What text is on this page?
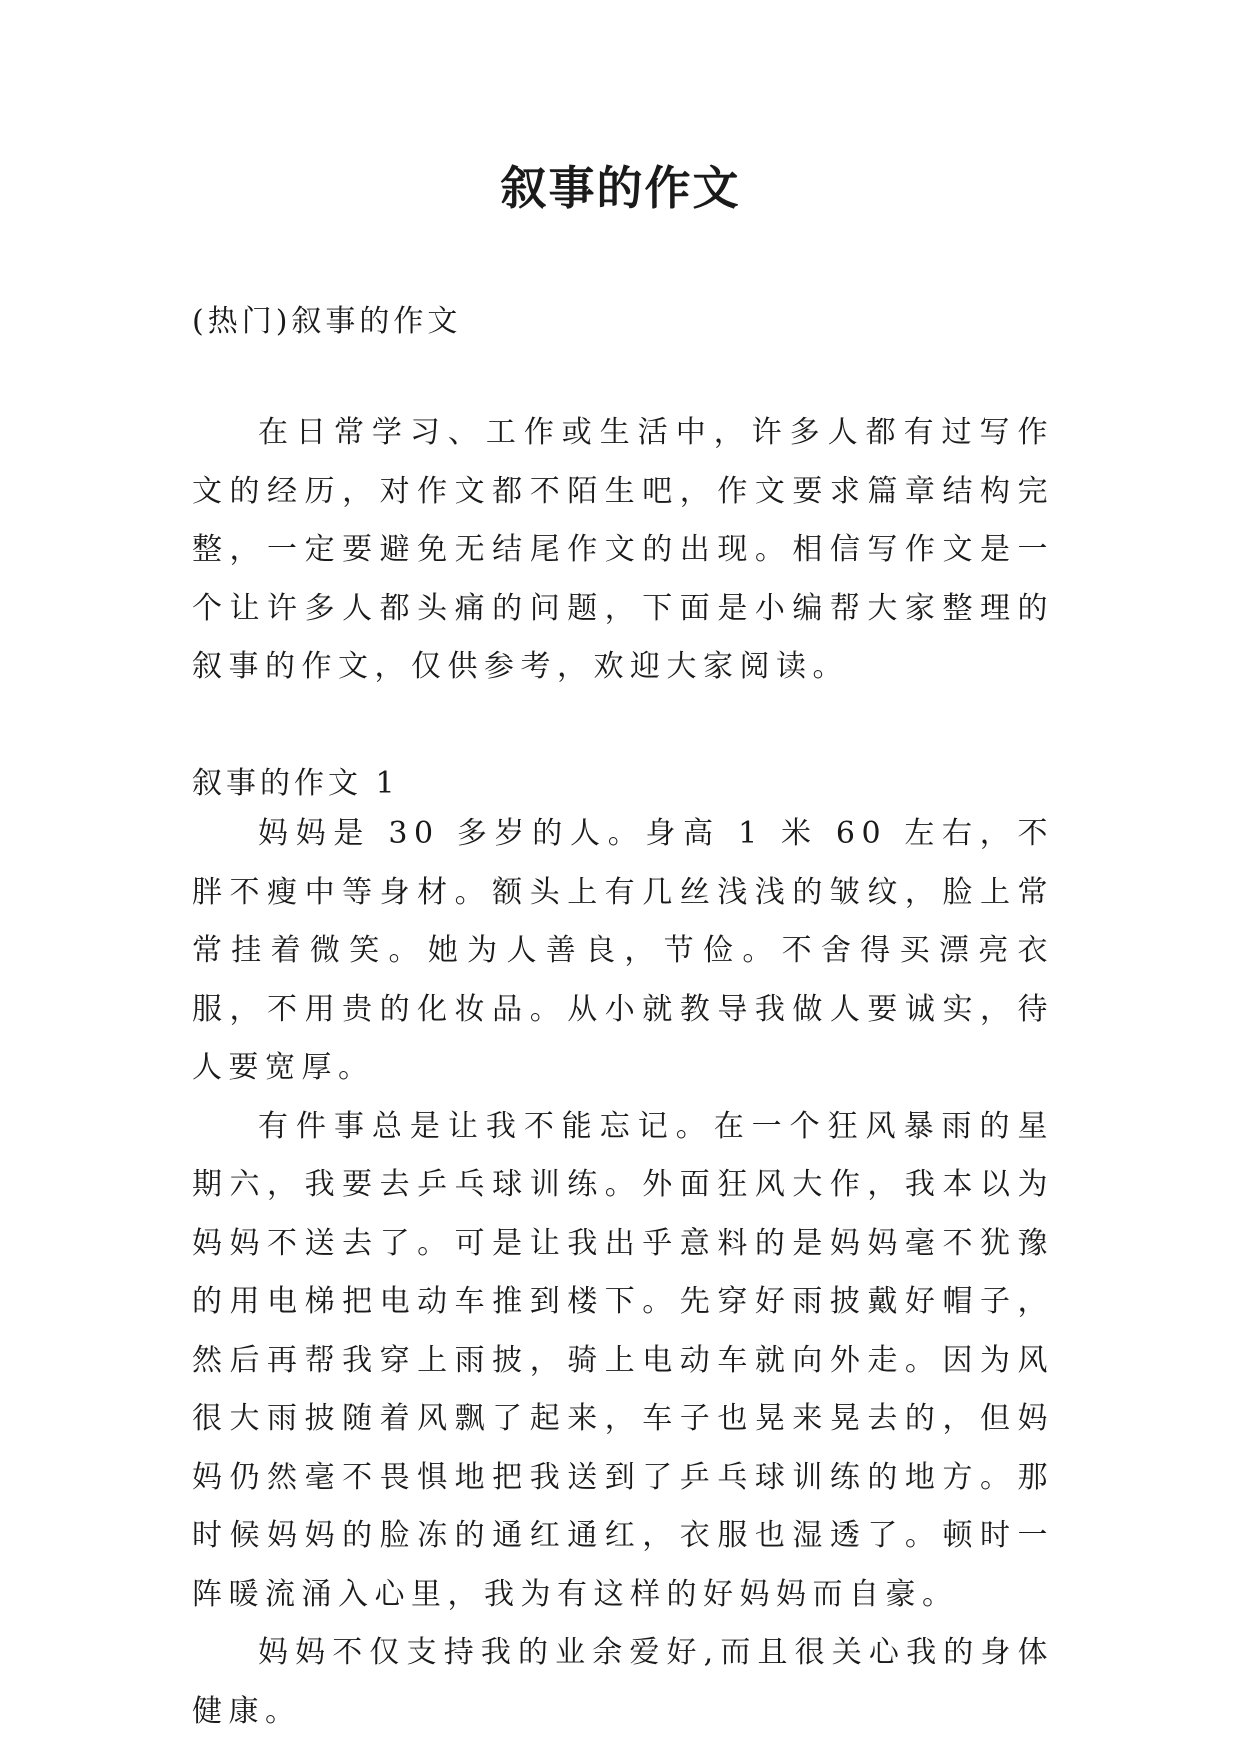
叙事的作文

(热门)叙事的作文

在日常学习、工作或生活中，许多人都有过写作文的经历，对作文都不陌生吧，作文要求篇章结构完整，一定要避免无结尾作文的出现。相信写作文是一个让许多人都头痛的问题，下面是小编帮大家整理的叙事的作文，仅供参考，欢迎大家阅读。

叙事的作文 1

妈妈是 30 多岁的人。身高 1 米 60 左右，不胖不瘦中等身材。额头上有几丝浅浅的皱纹，脸上常常挂着微笑。她为人善良，节俭。不舍得买漂亮衣服，不用贵的化妆品。从小就教导我做人要诚实，待人要宽厚。

有件事总是让我不能忘记。在一个狂风暴雨的星期六，我要去乒乓球训练。外面狂风大作，我本以为妈妈不送去了。可是让我出乎意料的是妈妈毫不犹豫的用电梯把电动车推到楼下。先穿好雨披戴好帽子，然后再帮我穿上雨披，骑上电动车就向外走。因为风很大雨披随着风飘了起来，车子也晃来晃去的，但妈妈仍然毫不畏惧地把我送到了乒乓球训练的地方。那时候妈妈的脸冻的通红通红，衣服也湿透了。顿时一阵暖流涌入心里，我为有这样的好妈妈而自豪。

妈妈不仅支持我的业余爱好,而且很关心我的身体健康。
